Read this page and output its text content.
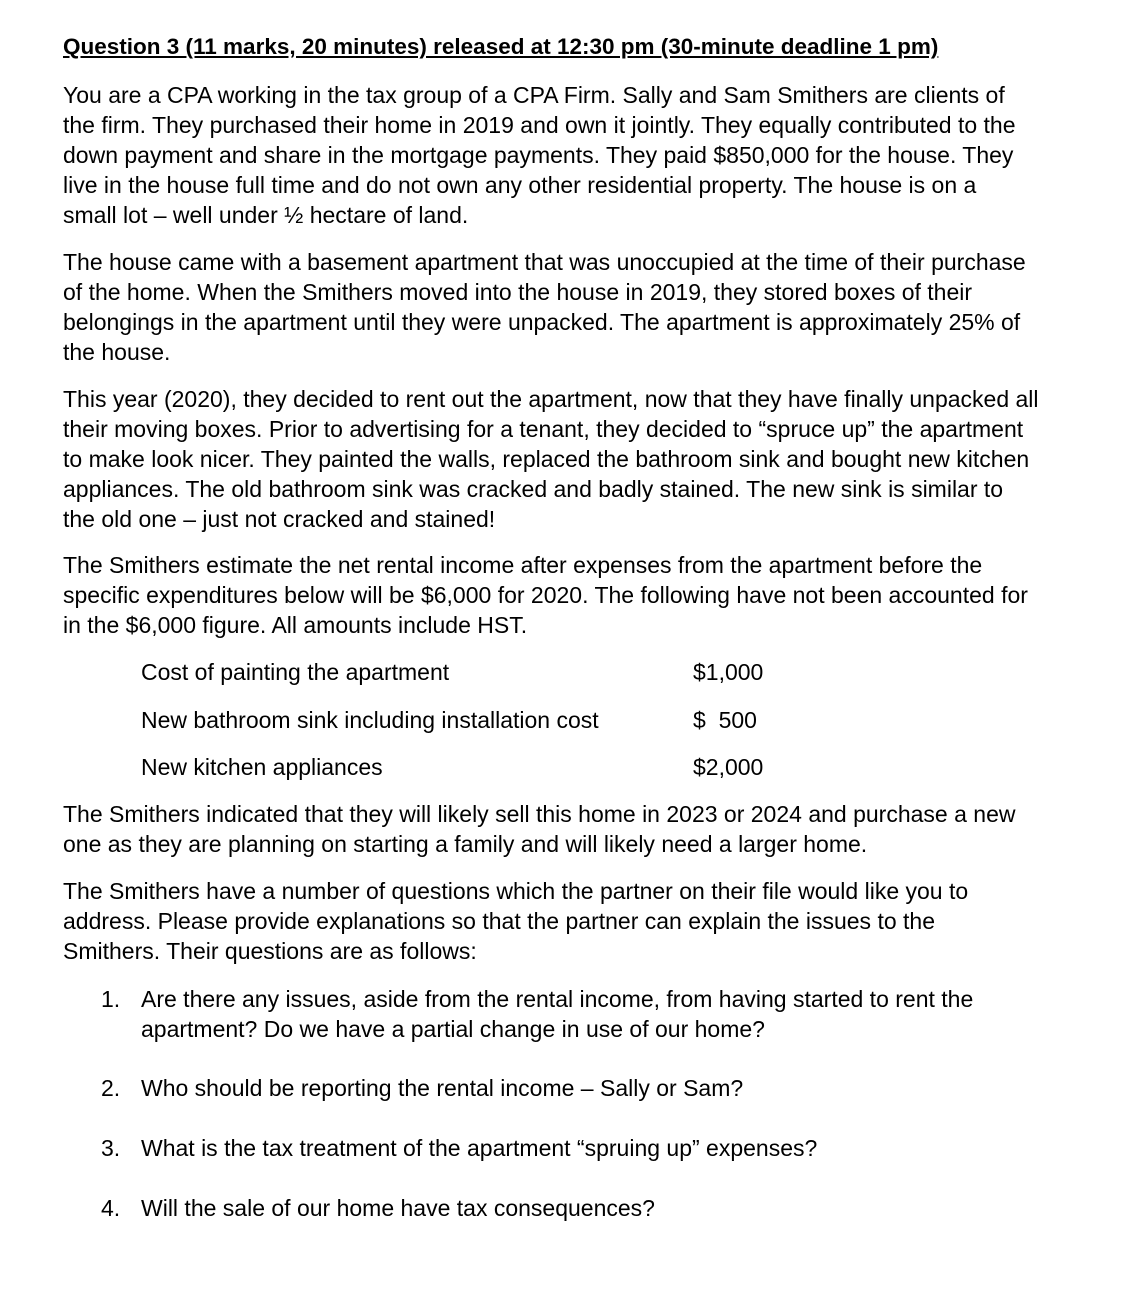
Question 3 (11 marks, 20 minutes) released at 12:30 pm (30-minute deadline 1 pm)

You are a CPA working in the tax group of a CPA Firm. Sally and Sam Smithers are clients of
the firm. They purchased their home in 2019 and own it jointly. They equally contributed to the
down payment and share in the mortgage payments. They paid $850,000 for the house. They
live in the house full time and do not own any other residential property. The house is on a
small lot – well under ½ hectare of land.

The house came with a basement apartment that was unoccupied at the time of their purchase
of the home. When the Smithers moved into the house in 2019, they stored boxes of their
belongings in the apartment until they were unpacked. The apartment is approximately 25% of
the house.

This year (2020), they decided to rent out the apartment, now that they have finally unpacked all
their moving boxes. Prior to advertising for a tenant, they decided to “spruce up” the apartment
to make look nicer. They painted the walls, replaced the bathroom sink and bought new kitchen
appliances. The old bathroom sink was cracked and badly stained. The new sink is similar to
the old one – just not cracked and stained!

The Smithers estimate the net rental income after expenses from the apartment before the
specific expenditures below will be $6,000 for 2020. The following have not been accounted for
in the $6,000 figure. All amounts include HST.

Cost of painting the apartment	$1,000
New bathroom sink including installation cost	$  500
New kitchen appliances	$2,000

The Smithers indicated that they will likely sell this home in 2023 or 2024 and purchase a new
one as they are planning on starting a family and will likely need a larger home.

The Smithers have a number of questions which the partner on their file would like you to
address. Please provide explanations so that the partner can explain the issues to the
Smithers. Their questions are as follows:

1. Are there any issues, aside from the rental income, from having started to rent the
apartment? Do we have a partial change in use of our home?
2. Who should be reporting the rental income – Sally or Sam?
3. What is the tax treatment of the apartment “spruing up” expenses?
4. Will the sale of our home have tax consequences?
